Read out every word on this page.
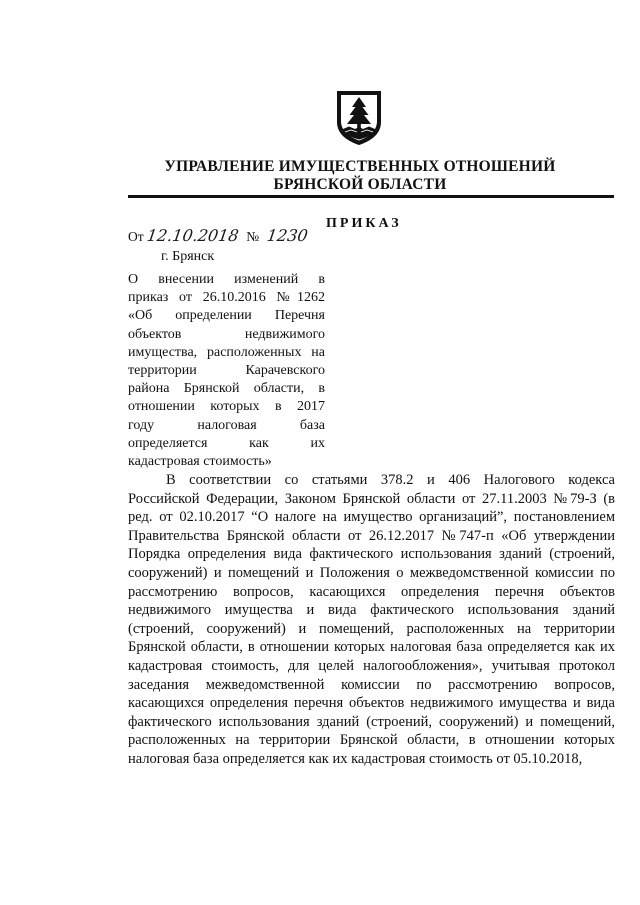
УПРАВЛЕНИЕ ИМУЩЕСТВЕННЫХ ОТНОШЕНИЙ
БРЯНСКОЙ ОБЛАСТИ
ПРИКАЗ
От 12.10.2018 № 1230
г. Брянск
О внесении изменений в
приказ от 26.10.2016 №1262
«Об определении Перечня
объектов недвижимого
имущества, расположенных на
территории Карачевского
района Брянской области, в
отношении которых в 2017
году налоговая база
определяется как их
кадастровая стоимость»
В соответствии со статьями 378.2 и 406 Налогового кодекса
Российской Федерации, Законом Брянской области от 27.11.2003 №79-З (в
ред. от 02.10.2017 “О налоге на имущество организаций”, постановлением
Правительства Брянской области от 26.12.2017 №747-п «Об утверждении
Порядка определения вида фактического использования зданий (строений,
сооружений) и помещений и Положения о межведомственной комиссии по
рассмотрению вопросов, касающихся определения перечня объектов
недвижимого имущества и вида фактического использования зданий
(строений, сооружений) и помещений, расположенных на территории
Брянской области, в отношении которых налоговая база определяется как их
кадастровая стоимость, для целей налогообложения», учитывая протокол
заседания межведомственной комиссии по рассмотрению вопросов,
касающихся определения перечня объектов недвижимого имущества и вида
фактического использования зданий (строений, сооружений) и помещений,
расположенных на территории Брянской области, в отношении которых
налоговая база определяется как их кадастровая стоимость от 05.10.2018,
